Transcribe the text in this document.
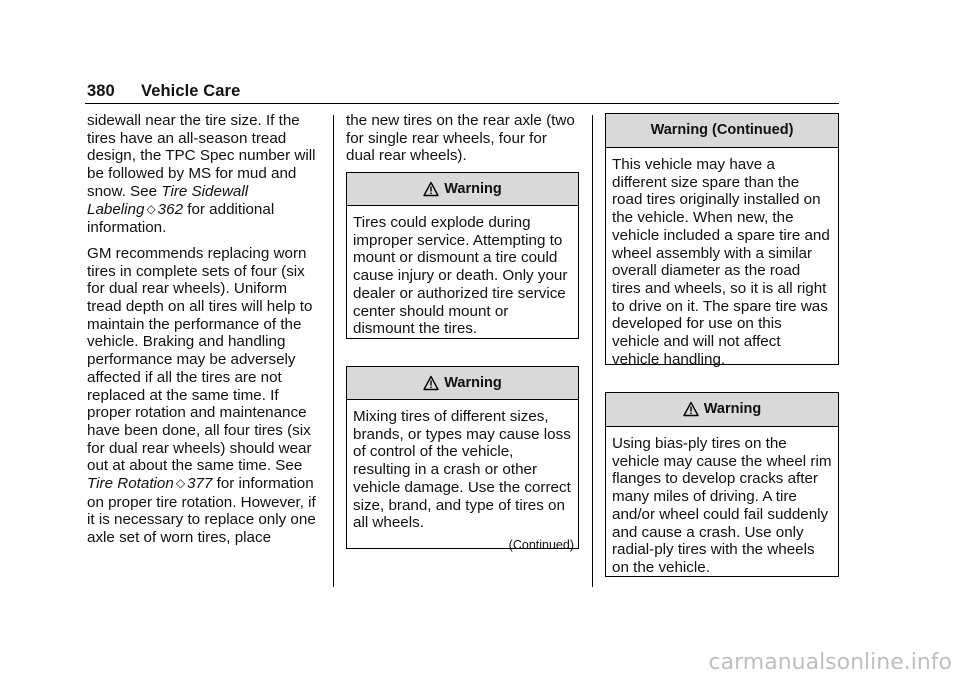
380 Vehicle Care

sidewall near the tire size. If the tires have an all-season tread design, the TPC Spec number will be followed by MS for mud and snow. See Tire Sidewall Labeling ◇ 362 for additional information.

GM recommends replacing worn tires in complete sets of four (six for dual rear wheels). Uniform tread depth on all tires will help to maintain the performance of the vehicle. Braking and handling performance may be adversely affected if all the tires are not replaced at the same time. If proper rotation and maintenance have been done, all four tires (six for dual rear wheels) should wear out at about the same time. See Tire Rotation ◇ 377 for information on proper tire rotation. However, if it is necessary to replace only one axle set of worn tires, place

the new tires on the rear axle (two for single rear wheels, four for dual rear wheels).

Warning
Tires could explode during improper service. Attempting to mount or dismount a tire could cause injury or death. Only your dealer or authorized tire service center should mount or dismount the tires.
Warning
Mixing tires of different sizes, brands, or types may cause loss of control of the vehicle, resulting in a crash or other vehicle damage. Use the correct size, brand, and type of tires on all wheels.
(Continued)
Warning (Continued)
This vehicle may have a different size spare than the road tires originally installed on the vehicle. When new, the vehicle included a spare tire and wheel assembly with a similar overall diameter as the road tires and wheels, so it is all right to drive on it. The spare tire was developed for use on this vehicle and will not affect vehicle handling.
Warning
Using bias-ply tires on the vehicle may cause the wheel rim flanges to develop cracks after many miles of driving. A tire and/or wheel could fail suddenly and cause a crash. Use only radial-ply tires with the wheels on the vehicle.
carmanualsonline.info
